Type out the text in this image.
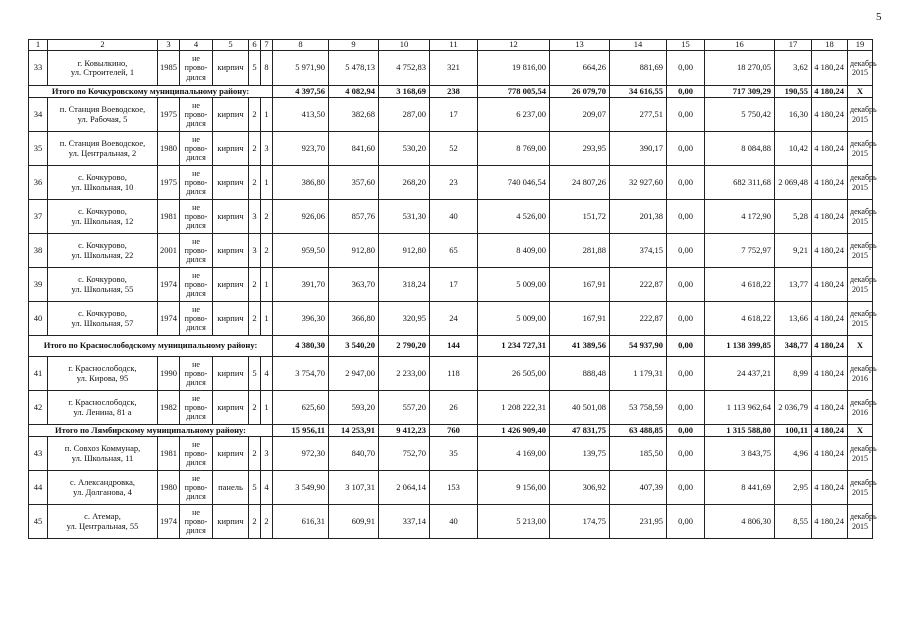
5
1	2	3	4	5	6	7	8	9	10	11	12	13	14	15	16	17	18	19
33	г. Ковылкино,
ул. Строителей, 1	1985	не
прово-
дился	кирпич	5	8	5 971,90	5 478,13	4 752,83	321	19 816,00	664,26	881,69	0,00	18 270,05	3,62	4 180,24	декабрь
2015

Итого по Кочкуровскому муниципальному району:							4 397,56	4 082,94	3 168,69	238	778 005,54	26 079,70	34 616,55	0,00	717 309,29	190,55	4 180,24	X
34	п. Станция Воеводское,
ул. Рабочая, 5	1975	не
прово-
дился	кирпич	2	1	413,50	382,68	287,00	17	6 237,00	209,07	277,51	0,00	5 750,42	16,30	4 180,24	декабрь
2015

35	п. Станция Воеводское,
ул. Центральная, 2	1980	не
прово-
дился	кирпич	2	3	923,70	841,60	530,20	52	8 769,00	293,95	390,17	0,00	8 084,88	10,42	4 180,24	декабрь
2015

36	с. Кочкурово,
ул. Школьная, 10	1975	не
прово-
дился	кирпич	2	1	386,80	357,60	268,20	23	740 046,54	24 807,26	32 927,60	0,00	682 311,68	2 069,48	4 180,24	декабрь
2015

37	с. Кочкурово,
ул. Школьная, 12	1981	не
прово-
дился	кирпич	3	2	926,06	857,76	531,30	40	4 526,00	151,72	201,38	0,00	4 172,90	5,28	4 180,24	декабрь
2015

38	с. Кочкурово,
ул. Школьная, 22	2001	не
прово-
дился	кирпич	3	2	959,50	912,80	912,80	65	8 409,00	281,88	374,15	0,00	7 752,97	9,21	4 180,24	декабрь
2015

39	с. Кочкурово,
ул. Школьная, 55	1974	не
прово-
дился	кирпич	2	1	391,70	363,70	318,24	17	5 009,00	167,91	222,87	0,00	4 618,22	13,77	4 180,24	декабрь
2015

40	с. Кочкурово,
ул. Школьная, 57	1974	не
прово-
дился	кирпич	2	1	396,30	366,80	320,95	24	5 009,00	167,91	222,87	0,00	4 618,22	13,66	4 180,24	декабрь
2015

Итого по Краснослободскому муниципальному району:							4 380,30	3 540,20	2 790,20	144	1 234 727,31	41 389,56	54 937,90	0,00	1 138 399,85	348,77	4 180,24	X
41	г. Краснослободск,
ул. Кирова, 95	1990	не
прово-
дился	кирпич	5	4	3 754,70	2 947,00	2 233,00	118	26 505,00	888,48	1 179,31	0,00	24 437,21	8,99	4 180,24	декабрь
2016

42	г. Краснослободск,
ул. Ленина, 81 а	1982	не
прово-
дился	кирпич	2	1	625,60	593,20	557,20	26	1 208 222,31	40 501,08	53 758,59	0,00	1 113 962,64	2 036,79	4 180,24	декабрь
2016

Итого по Лямбирскому муниципальному району:							15 956,11	14 253,91	9 412,23	760	1 426 909,40	47 831,75	63 488,85	0,00	1 315 588,80	100,11	4 180,24	X
43	п. Совхоз Коммунар,
ул. Школьная, 11	1981	не
прово-
дился	кирпич	2	3	972,30	840,70	752,70	35	4 169,00	139,75	185,50	0,00	3 843,75	4,96	4 180,24	декабрь
2015

44	с. Александровка,
ул. Долганова, 4	1980	не
прово-
дился	панель	5	4	3 549,90	3 107,31	2 064,14	153	9 156,00	306,92	407,39	0,00	8 441,69	2,95	4 180,24	декабрь
2015

45	с. Атемар,
ул. Центральная, 55	1974	не
прово-
дился	кирпич	2	2	616,31	609,91	337,14	40	5 213,00	174,75	231,95	0,00	4 806,30	8,55	4 180,24	декабрь
2015
